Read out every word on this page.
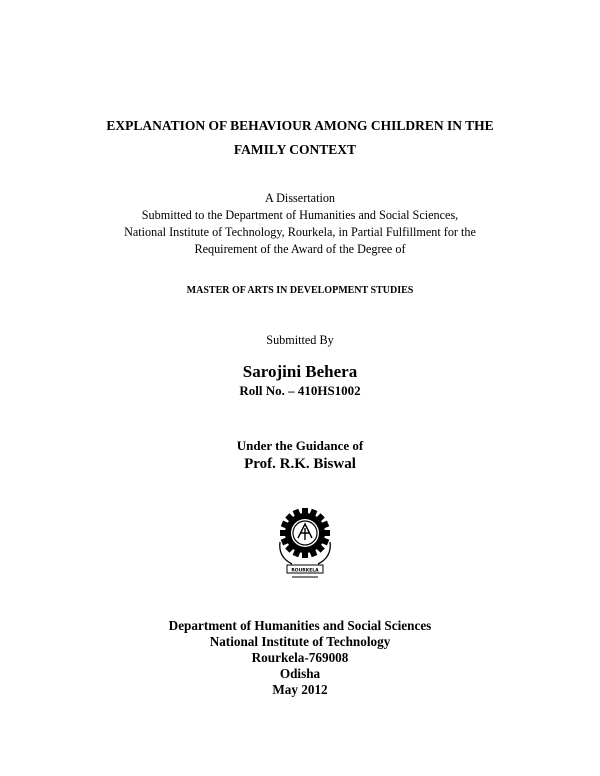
EXPLANATION OF BEHAVIOUR AMONG CHILDREN IN THE
FAMILY CONTEXT
A Dissertation
Submitted to the Department of Humanities and Social Sciences,
National Institute of Technology, Rourkela, in Partial Fulfillment for the
Requirement of the Award of the Degree of
MASTER OF ARTS IN DEVELOPMENT STUDIES
Submitted By
Sarojini Behera
Roll No. – 410HS1002
Under the Guidance of
Prof. R.K. Biswal
ROURKELA
Department of Humanities and Social Sciences
National Institute of Technology
Rourkela-769008
Odisha
May 2012
